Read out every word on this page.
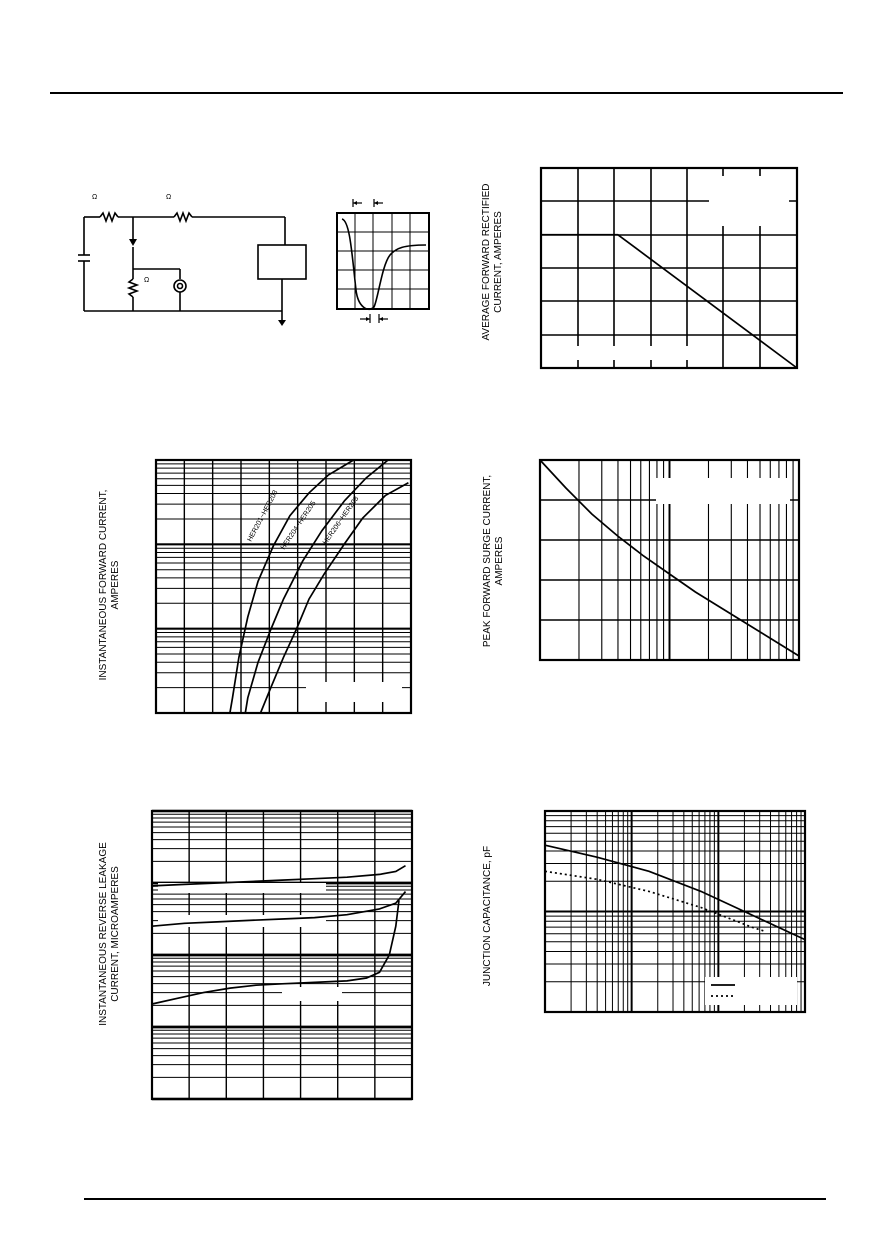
Ω	Ω
Ω	AVERAGE FORWARD RECTIFIED CURRENT, AMPERES
INSTANTANEOUS FORWARD CURRENT, AMPERES	PEAK FORWARD SURGE CURRENT, AMPERES
INSTANTANEOUS REVERSE LEAKAGE CURRENT, MICROAMPERES	JUNCTION CAPACITANCE, pF
HER201~HER203 HER204~HER205 HER206~HER208
